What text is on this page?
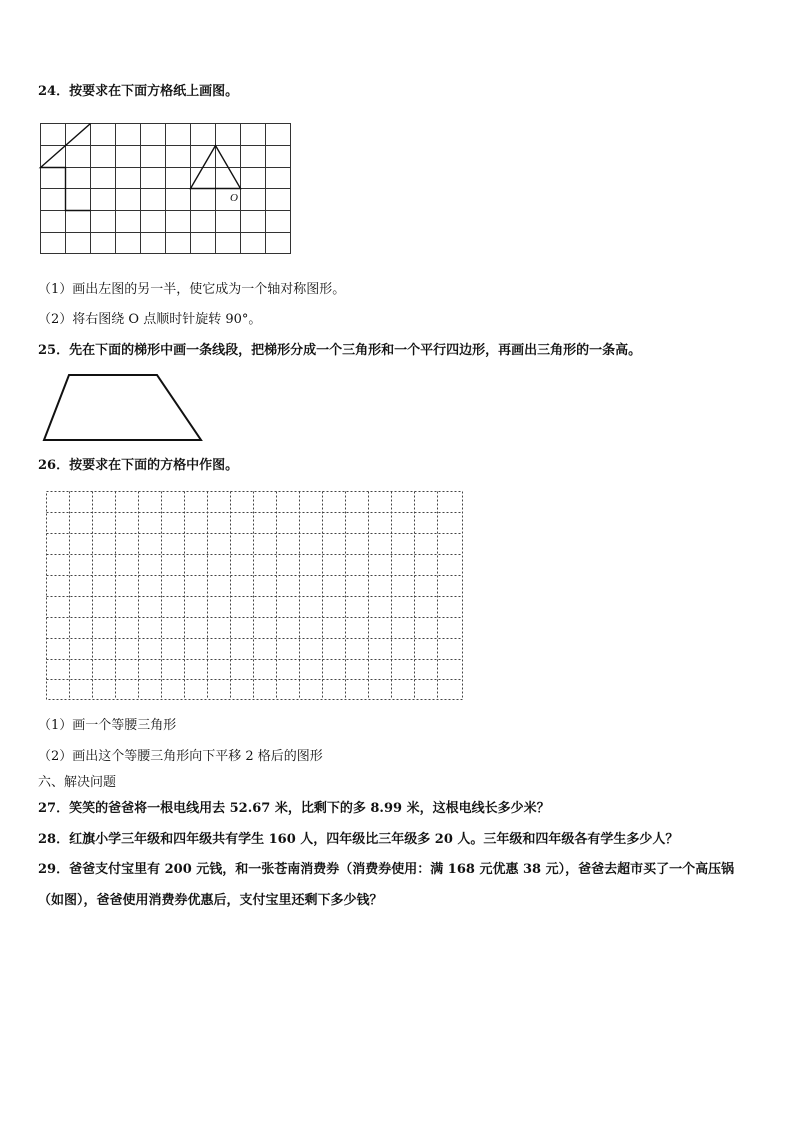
24．按要求在下面方格纸上画图。
O
（1）画出左图的另一半，使它成为一个轴对称图形。
（2）将右图绕 O 点顺时针旋转 90°。
25．先在下面的梯形中画一条线段，把梯形分成一个三角形和一个平行四边形，再画出三角形的一条高。
26．按要求在下面的方格中作图。
（1）画一个等腰三角形
（2）画出这个等腰三角形向下平移 2 格后的图形
六、解决问题
27．笑笑的爸爸将一根电线用去 52.67 米，比剩下的多 8.99 米，这根电线长多少米？
28．红旗小学三年级和四年级共有学生 160 人，四年级比三年级多 20 人。三年级和四年级各有学生多少人？
29．爸爸支付宝里有 200 元钱，和一张苍南消费券（消费券使用：满 168 元优惠 38 元），爸爸去超市买了一个高压锅
（如图），爸爸使用消费券优惠后，支付宝里还剩下多少钱？
